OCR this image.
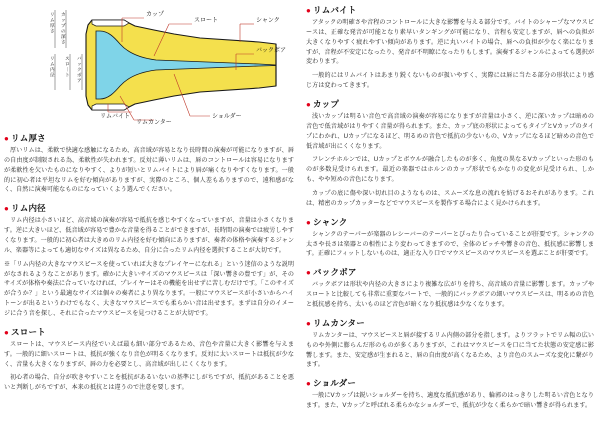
リ
ム
厚
さ
カ
ッ
プ
の
深
さ
リ
ム
内
径
ス
ロ
｜
ト
バ
ッ
ク
ボ
ア
カップ
スロート	シャンク
バックボア
リムバイト
リムカンター
ショルダー
● リム厚さ

厚いリムは、柔軟で快適な感触になるため、高音域が容易となり長時間の演奏が可能になりますが、唇の自由度が制限される為、柔軟性が失われます。反対に薄いリムは、唇のコントロールは容易になりますが柔軟性を欠いたものになりやすく、よりが短いとリムバイトにより唇が痛くなりやすくなります。一般的に初心者は平坦なリムを好む傾向がありますが、実際のところ、個人差もありますので、遠和感がなく、自然に演奏可能なものになっていくよう選んでください。

● リム内径

リム内径は小さいほど、高音域の演奏が容易で抵抗を感じやすくなっていますが、音量は小さくなります。逆に大きいほど、低音域が容易で豊かな音量を得ることができますが、長時間の演奏では疲労しやすくなります。一般的に初心者は大きめのリム内径を好む傾向にありますが、奏者の体格や演奏するジャンル、楽器等によっても適切なサイズは異なるため、自分に合ったリム内径を選択することが大切です。

※「リム内径の大きなマウスピースを使っていれば大きなプレイヤーになれる」という迷信のような説明がなされるようなことがあります。確かに大きいサイズのマウスピースは「深い響きの豊です」が、そのサイズが体格や奏法に合っていなければ、プレイヤーはその機能を出せずに苦しむだけです。「このサイズが合うか？」という最適なサイズは個々の奏者により異なります。一般にマウスピースが小さいからハイトーンが出るというわけでもなく、大きなマウスピースでも柔らかい音は出せます。まずは自分のイメージに合う音を探し、それに合ったマウスピースを見つけることが大切です。

● スロート

スロートは、マウスピース内径でいえば最も細い部分であるため、音色や音量に大きく影響を与えます。一般的に細いスロートは、抵抗が強くなり音色が明るくなります。反対に太いスロートは抵抗が少なく、音量も大きくなりますが、唇の力を必要とし、高音域が出しにくくなります。

初心者の場合、自分が吹きやすいことを抵抗があるいないの基準にしがちですが、抵抗があることを悪いと判断しがちですが、本来の抵抗とは違うので注意を要します。

● リムバイト

アタックの明確さや音程のコントロールに大きな影響を与える部分です。バイトのシャープなマウスピースは、正確な発音が可能となり素早いタンギングが可能になり、音程も安定しますが、唇への負担が大きくなりやすく疲れやすい傾向があります。逆に丸いバイトの場合、唇への負担が少なく楽になりますが、音程が不安定になったり、発音が不明瞭になったりもします。演奏するジャンルによっても選択が変わります。

一般的にはリムバイトはあまり鋭くないものが扱いやすく、実際には唇に当たる部分の形状により感じ方は変わってきます。

● カップ

浅いカップは明るい音色で高音域の演奏が容易になりますが音量は小さく、逆に深いカップは暗めの音色で低音域がはりやすく音量が得られます。また、カップ底の形状によってもタイプとVカップのタイプにわかれ、Uカップになるほど、明るめの音色で抵抗の少ないもの、Vカップになるほど暗めの音色で低音域が出にくくなります。

フレンチホルンでは、Uカップとボウルが融合したものが多く、角度の異なるVカップといった形のものが多数見受けられます。最近の楽器ではホルンのカップ形状でもかなりの変化が見受けられ、しかも、やや短めの音色になります。

カップの底に傷や深い切れ目のようなものは、スムーズな息の流れを妨げるおそれがあります。これは、精密のカップカッターなどでマウスピースを製作する場合によく見かけられます。

● シャンク

シャンクのテーパーが楽器のレシーバーのテーパーとぴったり合っていることが肝要です。シャンクの太さや長さは楽器との相性により変わってきますので、全体のピッチや響きの音色、抵抗感に影響します。正確にフィットしないものは、適正な入り口でマウスピースのマウスピースを選ぶことが肝要です。

● バックボア

バックボアは形状や内径の大きさにより複雑な広がりを持ち、高音域の音量に影響します。カップやスロートと比較しても非常に重要なパートで、一般的にバックボアの細いマウスピースは、明るめの音色と抵抗感を持ち、太いものほど音色が暗くなり抵抗感は少なくなります。

● リムカンター

リムカンターは、マウスピースと唇が接するリム内側の部分を指します。よりフラットでリム幅の広いものや外側に膨らんだ形のものが多くありますが、これはマウスピースを口に当てた状態の安定感に影響します。また、安定感が生まれると、唇の自由度が高くなるため、より音色のスムーズな変化に繋がります。

● ショルダー

一般にVカップは鋭いショルダーを持ち、適度な抵抗感があり、輪郭のはっきりした明るい音色となります。また、Vカップと呼ばれる柔らかなショルダーで、抵抗が少なく柔らかで暗い響きが得られます。
